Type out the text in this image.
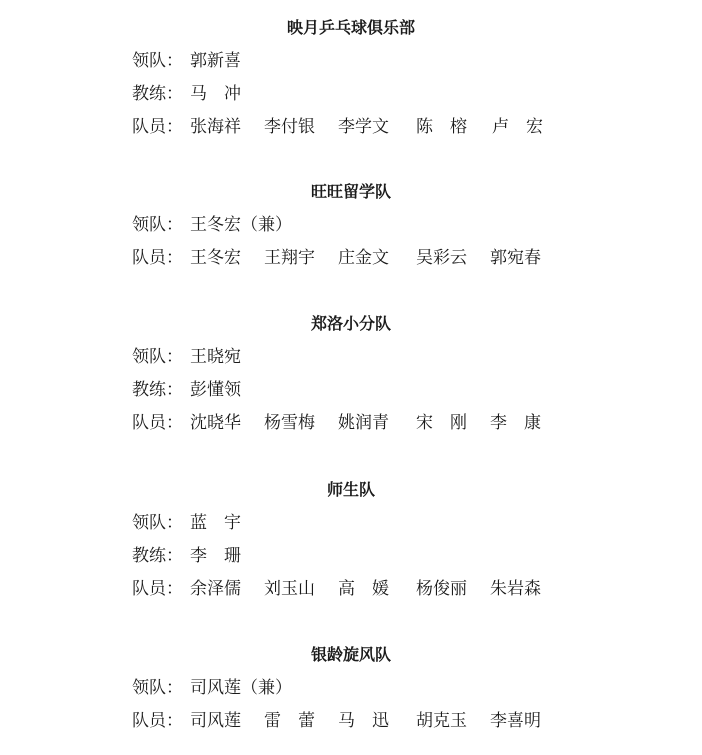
映月乒乓球俱乐部
领队： 郭新喜
教练： 马　冲
队员： 张海祥 李付银 李学文 陈　榕 卢　宏
旺旺留学队
领队： 王冬宏（兼）
队员： 王冬宏 王翔宇 庄金文 吴彩云 郭宛春
郑洛小分队
领队： 王晓宛
教练： 彭懂领
队员： 沈晓华 杨雪梅 姚润青 宋　刚 李　康
师生队
领队： 蓝　宇
教练： 李　珊
队员： 余泽儒 刘玉山 高　媛 杨俊丽 朱岩森
银龄旋风队
领队： 司风莲（兼）
队员： 司风莲 雷　蕾 马　迅 胡克玉 李喜明
